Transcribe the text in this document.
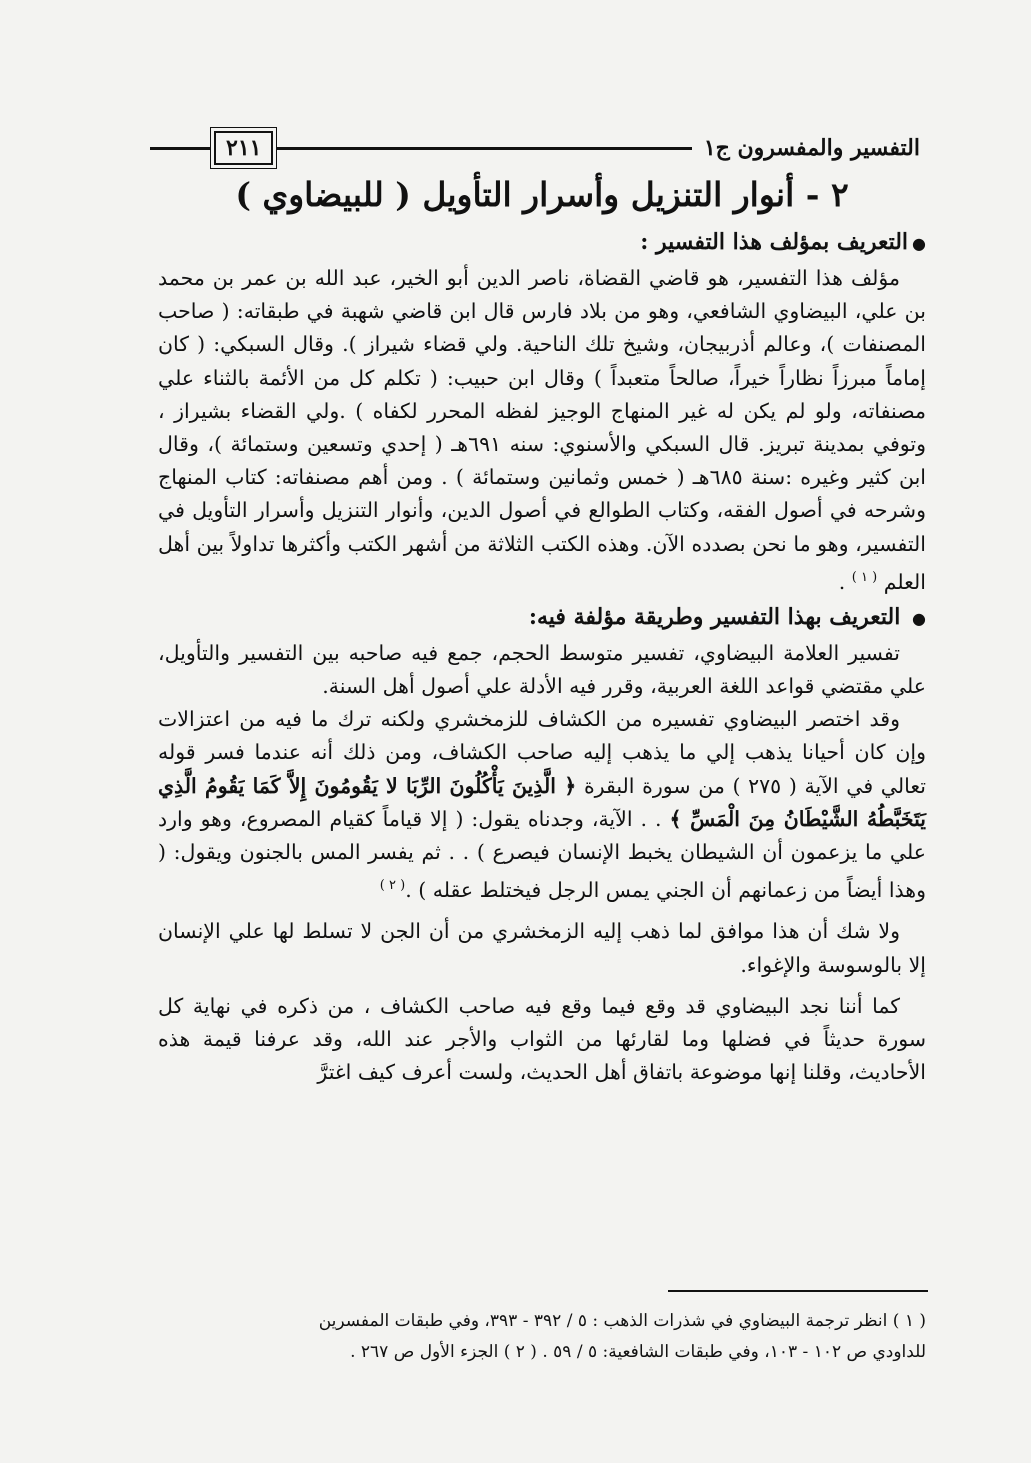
التفسير والمفسرون ج١
٢١١
٢ - أنوار التنزيل وأسرار التأويل ( للبيضاوي )
●التعريف بمؤلف هذا التفسير :

مؤلف هذا التفسير، هو قاضي القضاة، ناصر الدين أبو الخير، عبد الله بن عمر بن محمد بن علي، البيضاوي الشافعي، وهو من بلاد فارس قال ابن قاضي شهبة في طبقاته: ( صاحب المصنفات )، وعالم أذربيجان، وشيخ تلك الناحية. ولي قضاء شيراز ). وقال السبكي: ( كان إماماً مبرزاً نظاراً خيراً، صالحاً متعبداً ) وقال ابن حبيب: ( تكلم كل من الأئمة بالثناء علي مصنفاته، ولو لم يكن له غير المنهاج الوجيز لفظه المحرر لكفاه ) .ولي القضاء بشيراز ، وتوفي بمدينة تبريز. قال السبكي والأسنوي: سنه ٦٩١هـ ( إحدي وتسعين وستمائة )، وقال ابن كثير وغيره :سنة ٦٨٥هـ ( خمس وثمانين وستمائة ) . ومن أهم مصنفاته: كتاب المنهاج وشرحه في أصول الفقه، وكتاب الطوالع في أصول الدين، وأنوار التنزيل وأسرار التأويل في التفسير، وهو ما نحن بصدده الآن. وهذه الكتب الثلاثة من أشهر الكتب وأكثرها تداولاً بين أهل العلم $^{( ١ )}$ .

● التعريف بهذا التفسير وطريقة مؤلفة فيه:

تفسير العلامة البيضاوي، تفسير متوسط الحجم، جمع فيه صاحبه بين التفسير والتأويل، علي مقتضي قواعد اللغة العربية، وقرر فيه الأدلة علي أصول أهل السنة.

وقد اختصر البيضاوي تفسيره من الكشاف للزمخشري ولكنه ترك ما فيه من اعتزالات وإن كان أحيانا يذهب إلي ما يذهب إليه صاحب الكشاف، ومن ذلك أنه عندما فسر قوله تعالي في الآية ( ٢٧٥ ) من سورة البقرة ﴿ الَّذِينَ يَأْكُلُونَ الرِّبَا لا يَقُومُونَ إِلاَّ كَمَا يَقُومُ الَّذِي يَتَخَبَّطُهُ الشَّيْطَانُ مِنَ الْمَسِّ ﴾ . . الآية، وجدناه يقول: ( إلا قياماً كقيام المصروع، وهو وارد علي ما يزعمون أن الشيطان يخبط الإنسان فيصرع ) . . ثم يفسر المس بالجنون ويقول: ( وهذا أيضاً من زعمانهم أن الجني يمس الرجل فيختلط عقله ) .$^{( ٢ )}$

ولا شك أن هذا موافق لما ذهب إليه الزمخشري من أن الجن لا تسلط لها علي الإنسان إلا بالوسوسة والإغواء.

كما أننا نجد البيضاوي قد وقع فيما وقع فيه صاحب الكشاف ، من ذكره في نهاية كل سورة حديثاً في فضلها وما لقارئها من الثواب والأجر عند الله، وقد عرفنا قيمة هذه الأحاديث، وقلنا إنها موضوعة باتفاق أهل الحديث، ولست أعرف كيف اغترَّ

( ١ ) انظر ترجمة البيضاوي في شذرات الذهب : ٥ / ٣٩٢ - ٣٩٣، وفي طبقات المفسرين

للداودي ص ١٠٢ - ١٠٣، وفي طبقات الشافعية: ٥ / ٥٩ . ( ٢ ) الجزء الأول ص ٢٦٧ .
